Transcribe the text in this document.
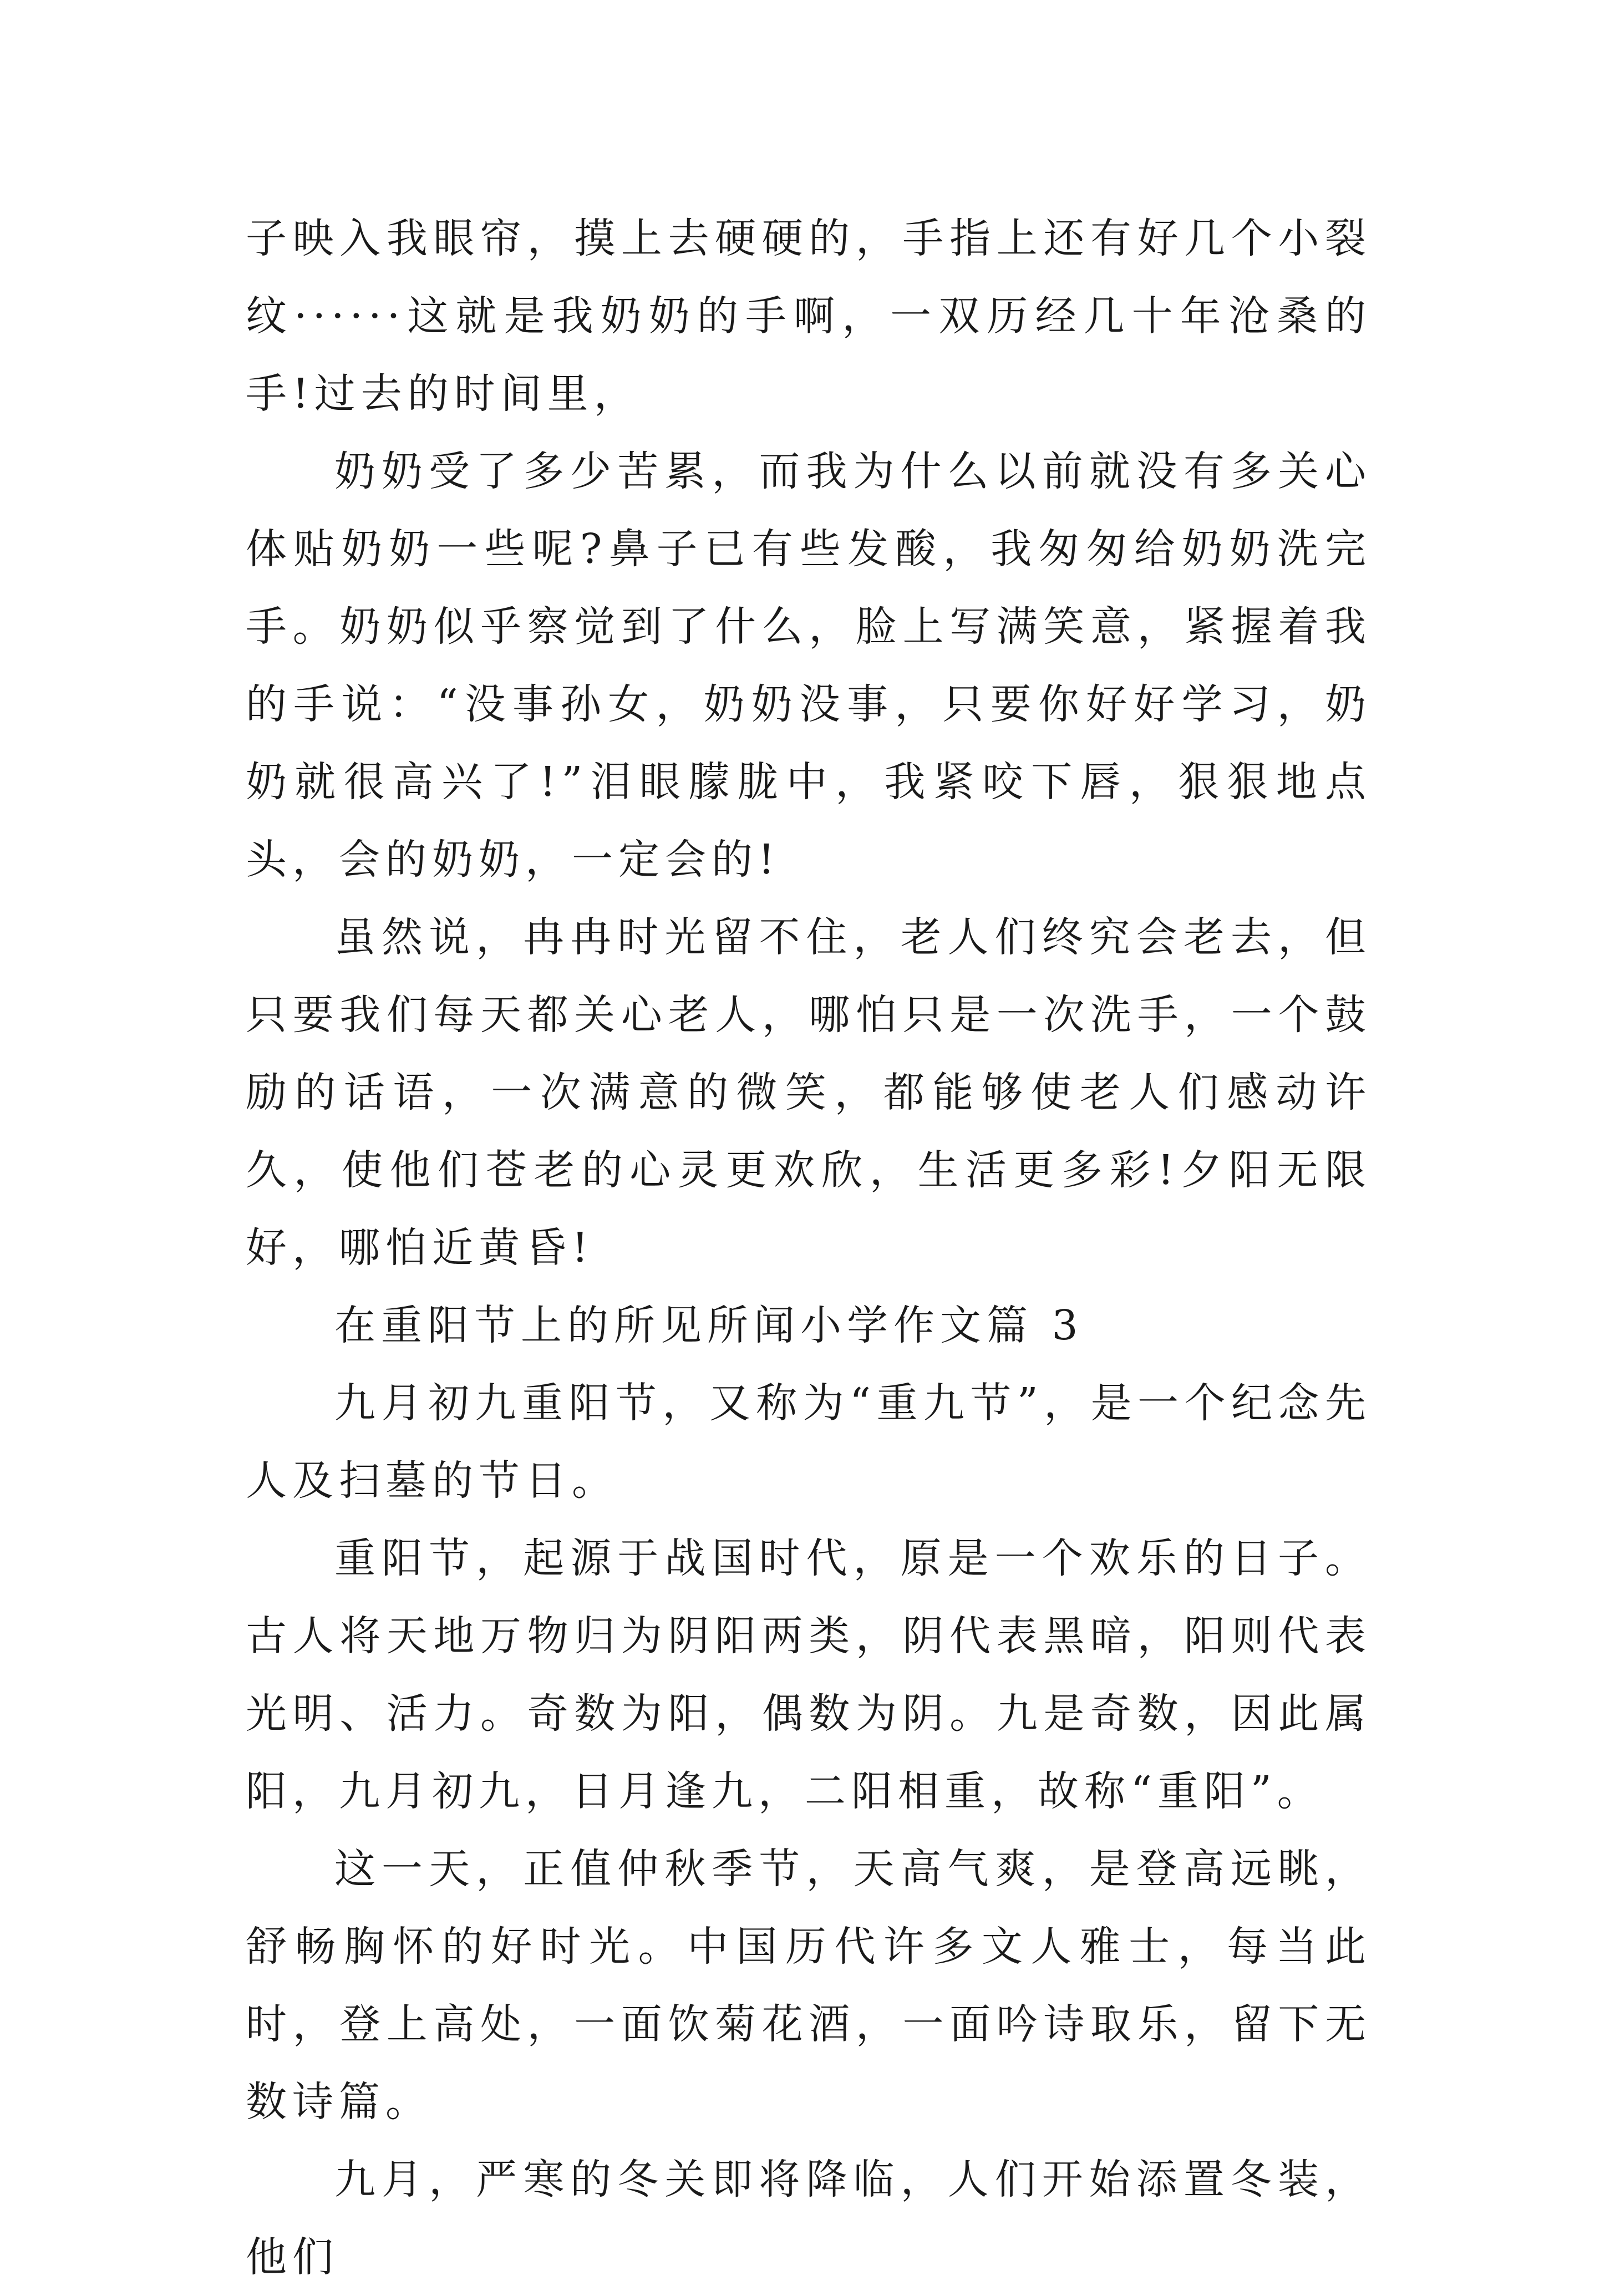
子映入我眼帘，摸上去硬硬的，手指上还有好几个小裂纹······这就是我奶奶的手啊，一双历经几十年沧桑的手!过去的时间里，

奶奶受了多少苦累，而我为什么以前就没有多关心体贴奶奶一些呢?鼻子已有些发酸，我匆匆给奶奶洗完手。奶奶似乎察觉到了什么，脸上写满笑意，紧握着我的手说：“没事孙女，奶奶没事，只要你好好学习，奶奶就很高兴了!”泪眼朦胧中，我紧咬下唇，狠狠地点头，会的奶奶，一定会的!

虽然说，冉冉时光留不住，老人们终究会老去，但只要我们每天都关心老人，哪怕只是一次洗手，一个鼓励的话语，一次满意的微笑，都能够使老人们感动许久，使他们苍老的心灵更欢欣，生活更多彩!夕阳无限好，哪怕近黄昏!

在重阳节上的所见所闻小学作文篇 3

九月初九重阳节，又称为“重九节”，是一个纪念先人及扫墓的节日。

重阳节，起源于战国时代，原是一个欢乐的日子。古人将天地万物归为阴阳两类，阴代表黑暗，阳则代表光明、活力。奇数为阳，偶数为阴。九是奇数，因此属阳，九月初九，日月逢九，二阳相重，故称“重阳”。

这一天，正值仲秋季节，天高气爽，是登高远眺，舒畅胸怀的好时光。中国历代许多文人雅士，每当此时，登上高处，一面饮菊花酒，一面吟诗取乐，留下无数诗篇。

九月，严寒的冬关即将降临，人们开始添置冬装，他们
